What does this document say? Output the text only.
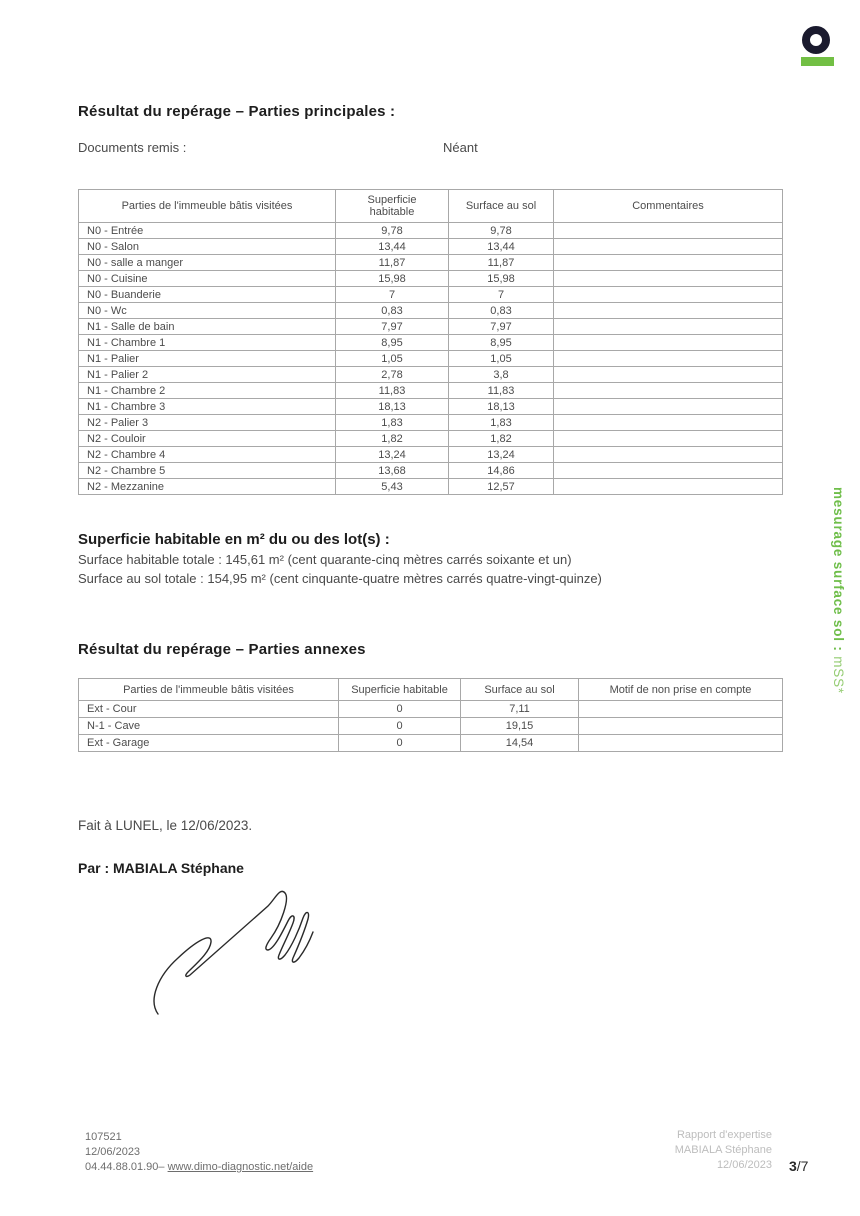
mesurage surface sol : mSS*
Résultat du repérage – Parties principales :
Documents remis :	Néant
Parties de l'immeuble bâtis visitées	Superficie habitable	Surface au sol	Commentaires
N0 - Entrée	9,78	9,78	
N0 - Salon	13,44	13,44	
N0 - salle a manger	11,87	11,87	
N0 - Cuisine	15,98	15,98	
N0 - Buanderie	7	7	
N0 - Wc	0,83	0,83	
N1 - Salle de bain	7,97	7,97	
N1 - Chambre 1	8,95	8,95	
N1 - Palier	1,05	1,05	
N1 - Palier 2	2,78	3,8	
N1 - Chambre 2	11,83	11,83	
N1 - Chambre 3	18,13	18,13	
N2 - Palier 3	1,83	1,83	
N2 - Couloir	1,82	1,82	
N2 - Chambre 4	13,24	13,24	
N2 - Chambre 5	13,68	14,86	
N2 - Mezzanine	5,43	12,57	
Superficie habitable en m² du ou des lot(s) :
Surface habitable totale : 145,61 m² (cent quarante-cinq mètres carrés soixante et un)
Surface au sol totale : 154,95 m² (cent cinquante-quatre mètres carrés quatre-vingt-quinze)
Résultat du repérage – Parties annexes
Parties de l'immeuble bâtis visitées	Superficie habitable	Surface au sol	Motif de non prise en compte
Ext - Cour	0	7,11	
N-1 - Cave	0	19,15	
Ext - Garage	0	14,54	
Fait à LUNEL, le 12/06/2023.
Par : MABIALA Stéphane
107521
12/06/2023
04.44.88.01.90– www.dimo-diagnostic.net/aide
Rapport d'expertise
MABIALA Stéphane
12/06/2023 3/7
